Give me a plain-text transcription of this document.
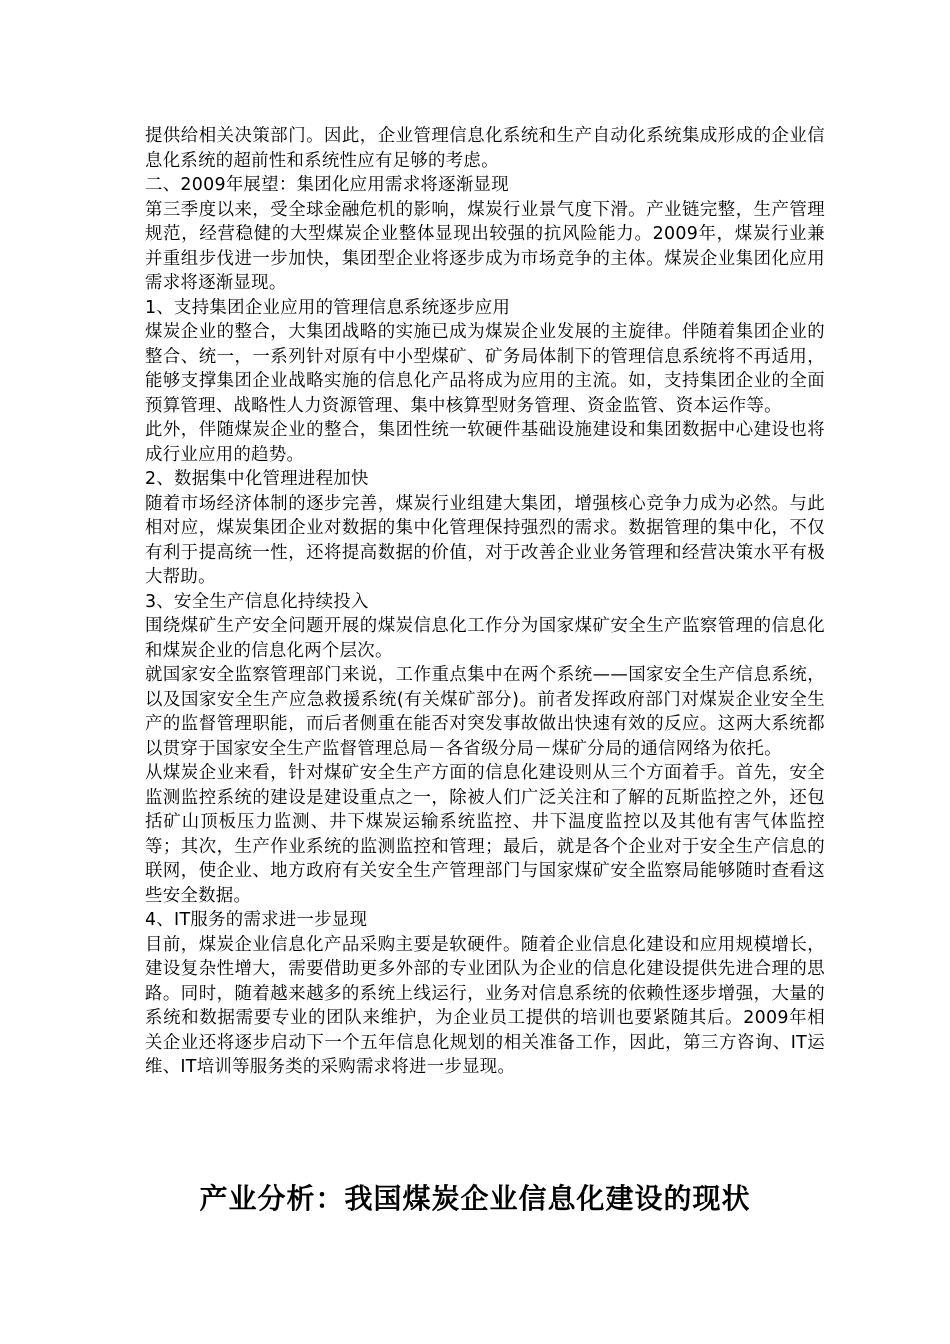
提供给相关决策部门。因此，企业管理信息化系统和生产自动化系统集成形成的企业信息化系统的超前性和系统性应有足够的考虑。

二、2009年展望：集团化应用需求将逐渐显现

第三季度以来，受全球金融危机的影响，煤炭行业景气度下滑。产业链完整，生产管理规范，经营稳健的大型煤炭企业整体显现出较强的抗风险能力。2009年，煤炭行业兼并重组步伐进一步加快，集团型企业将逐步成为市场竞争的主体。煤炭企业集团化应用需求将逐渐显现。

1、支持集团企业应用的管理信息系统逐步应用

煤炭企业的整合，大集团战略的实施已成为煤炭企业发展的主旋律。伴随着集团企业的整合、统一，一系列针对原有中小型煤矿、矿务局体制下的管理信息系统将不再适用，能够支撑集团企业战略实施的信息化产品将成为应用的主流。如，支持集团企业的全面预算管理、战略性人力资源管理、集中核算型财务管理、资金监管、资本运作等。

此外，伴随煤炭企业的整合，集团性统一软硬件基础设施建设和集团数据中心建设也将成行业应用的趋势。

2、数据集中化管理进程加快

随着市场经济体制的逐步完善，煤炭行业组建大集团，增强核心竞争力成为必然。与此相对应，煤炭集团企业对数据的集中化管理保持强烈的需求。数据管理的集中化，不仅有利于提高统一性，还将提高数据的价值，对于改善企业业务管理和经营决策水平有极大帮助。

3、安全生产信息化持续投入

围绕煤矿生产安全问题开展的煤炭信息化工作分为国家煤矿安全生产监察管理的信息化和煤炭企业的信息化两个层次。

就国家安全监察管理部门来说，工作重点集中在两个系统——国家安全生产信息系统，以及国家安全生产应急救援系统(有关煤矿部分)。前者发挥政府部门对煤炭企业安全生产的监督管理职能，而后者侧重在能否对突发事故做出快速有效的反应。这两大系统都以贯穿于国家安全生产监督管理总局－各省级分局－煤矿分局的通信网络为依托。

从煤炭企业来看，针对煤矿安全生产方面的信息化建设则从三个方面着手。首先，安全监测监控系统的建设是建设重点之一，除被人们广泛关注和了解的瓦斯监控之外，还包括矿山顶板压力监测、井下煤炭运输系统监控、井下温度监控以及其他有害气体监控等；其次，生产作业系统的监测监控和管理；最后，就是各个企业对于安全生产信息的联网，使企业、地方政府有关安全生产管理部门与国家煤矿安全监察局能够随时查看这些安全数据。

4、IT服务的需求进一步显现

目前，煤炭企业信息化产品采购主要是软硬件。随着企业信息化建设和应用规模增长，建设复杂性增大，需要借助更多外部的专业团队为企业的信息化建设提供先进合理的思路。同时，随着越来越多的系统上线运行，业务对信息系统的依赖性逐步增强，大量的系统和数据需要专业的团队来维护，为企业员工提供的培训也要紧随其后。2009年相关企业还将逐步启动下一个五年信息化规划的相关准备工作，因此，第三方咨询、IT运维、IT培训等服务类的采购需求将进一步显现。

产业分析：我国煤炭企业信息化建设的现状
